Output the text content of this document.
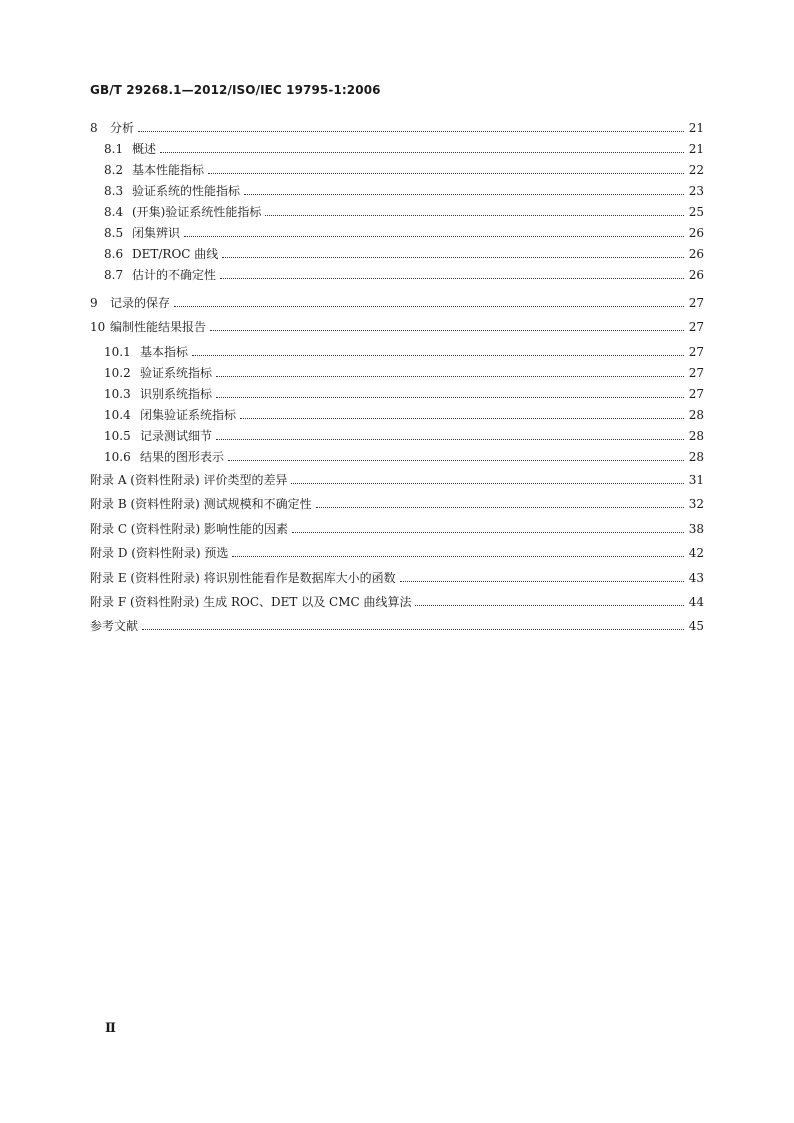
GB/T 29268.1—2012/ISO/IEC 19795-1:2006
8	分析	21
8.1 概述	21
8.2 基本性能指标	22
8.3 验证系统的性能指标	23
8.4 (开集)验证系统性能指标	25
8.5 闭集辨识	26
8.6 DET/ROC 曲线	26
8.7 估计的不确定性	26
9	记录的保存	27
10 编制性能结果报告	27
10.1 基本指标	27
10.2 验证系统指标	27
10.3 识别系统指标	27
10.4 闭集验证系统指标	28
10.5 记录测试细节	28
10.6 结果的图形表示	28
附录 A (资料性附录) 评价类型的差异	31
附录 B (资料性附录) 测试规模和不确定性	32
附录 C (资料性附录) 影响性能的因素	38
附录 D (资料性附录) 预选	42
附录 E (资料性附录) 将识别性能看作是数据库大小的函数	43
附录 F (资料性附录) 生成 ROC、DET 以及 CMC 曲线算法	44
参考文献	45
Ⅱ
